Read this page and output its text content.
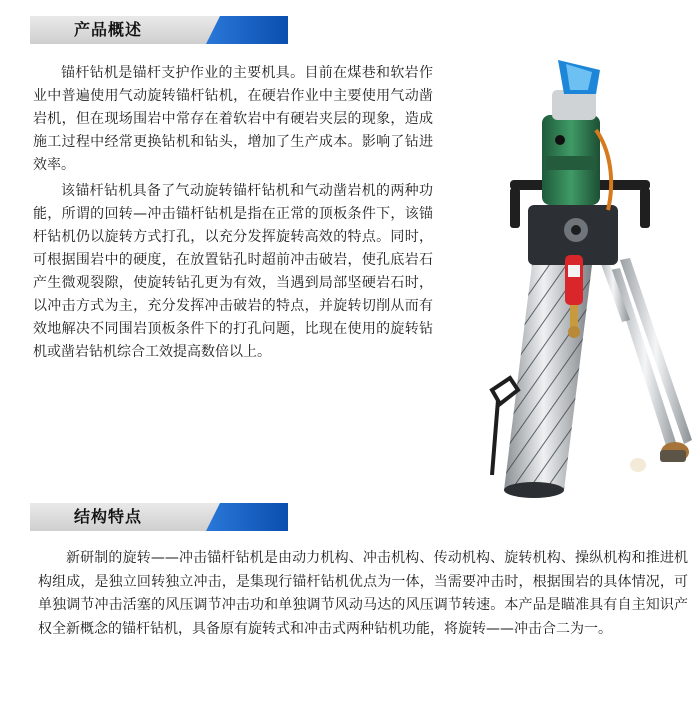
产品概述

锚杆钻机是锚杆支护作业的主要机具。目前在煤巷和软岩作业中普遍使用气动旋转锚杆钻机，在硬岩作业中主要使用气动凿岩机，但在现场围岩中常存在着软岩中有硬岩夹层的现象，造成施工过程中经常更换钻机和钻头，增加了生产成本。影响了钻进效率。

该锚杆钻机具备了气动旋转锚杆钻机和气动凿岩机的两种功能，所谓的回转—冲击锚杆钻机是指在正常的顶板条件下，该锚杆钻机仍以旋转方式打孔，以充分发挥旋转高效的特点。同时，可根据围岩中的硬度，在放置钻孔时超前冲击破岩，使孔底岩石产生微观裂隙，使旋转钻孔更为有效，当遇到局部坚硬岩石时，以冲击方式为主，充分发挥冲击破岩的特点，并旋转切削从而有效地解决不同围岩顶板条件下的打孔问题，比现在使用的旋转钻机或凿岩钻机综合工效提高数倍以上。

结构特点

新研制的旋转——冲击锚杆钻机是由动力机构、冲击机构、传动机构、旋转机构、操纵机构和推进机构组成，是独立回转独立冲击，是集现行锚杆钻机优点为一体，当需要冲击时，根据围岩的具体情况，可单独调节冲击活塞的风压调节冲击功和单独调节风动马达的风压调节转速。本产品是瞄准具有自主知识产权全新概念的锚杆钻机，具备原有旋转式和冲击式两种钻机功能，将旋转——冲击合二为一。
